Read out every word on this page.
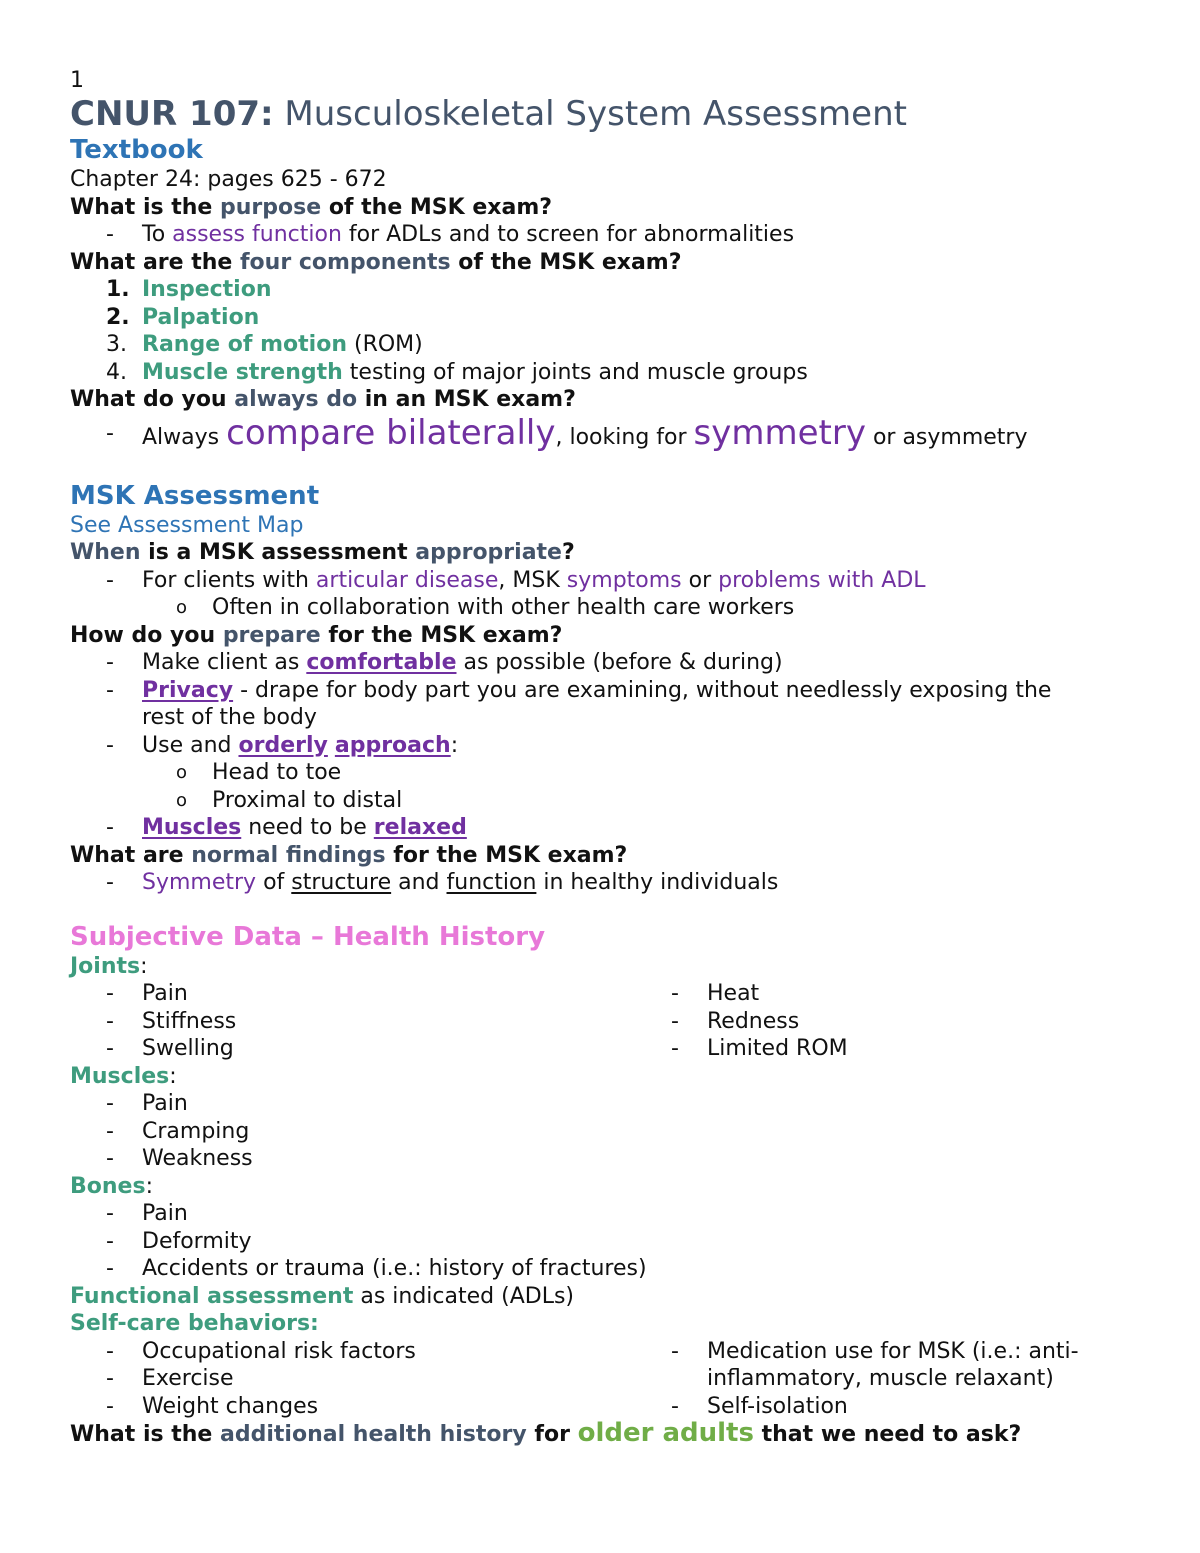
1
CNUR 107: Musculoskeletal System Assessment
Textbook
Chapter 24: pages 625 - 672
What is the purpose of the MSK exam?
- To assess function for ADLs and to screen for abnormalities
What are the four components of the MSK exam?
1. Inspection
2. Palpation
3. Range of motion (ROM)
4. Muscle strength testing of major joints and muscle groups
What do you always do in an MSK exam?
- Always compare bilaterally, looking for symmetry or asymmetry
MSK Assessment
See Assessment Map
When is a MSK assessment appropriate?
- For clients with articular disease, MSK symptoms or problems with ADL
o Often in collaboration with other health care workers
How do you prepare for the MSK exam?
- Make client as comfortable as possible (before & during)
- Privacy - drape for body part you are examining, without needlessly exposing the
rest of the body
- Use and orderly approach:
o Head to toe
o Proximal to distal
- Muscles need to be relaxed
What are normal findings for the MSK exam?
- Symmetry of structure and function in healthy individuals
Subjective Data – Health History
Joints:
- Pain
- Stiffness
- Swelling
- Heat
- Redness
- Limited ROM
Muscles:
- Pain
- Cramping
- Weakness
Bones:
- Pain
- Deformity
- Accidents or trauma (i.e.: history of fractures)
Functional assessment as indicated (ADLs)
Self-care behaviors:
- Occupational risk factors
- Exercise
- Weight changes
- Medication use for MSK (i.e.: anti-
inflammatory, muscle relaxant)
- Self-isolation
What is the additional health history for older adults that we need to ask?
